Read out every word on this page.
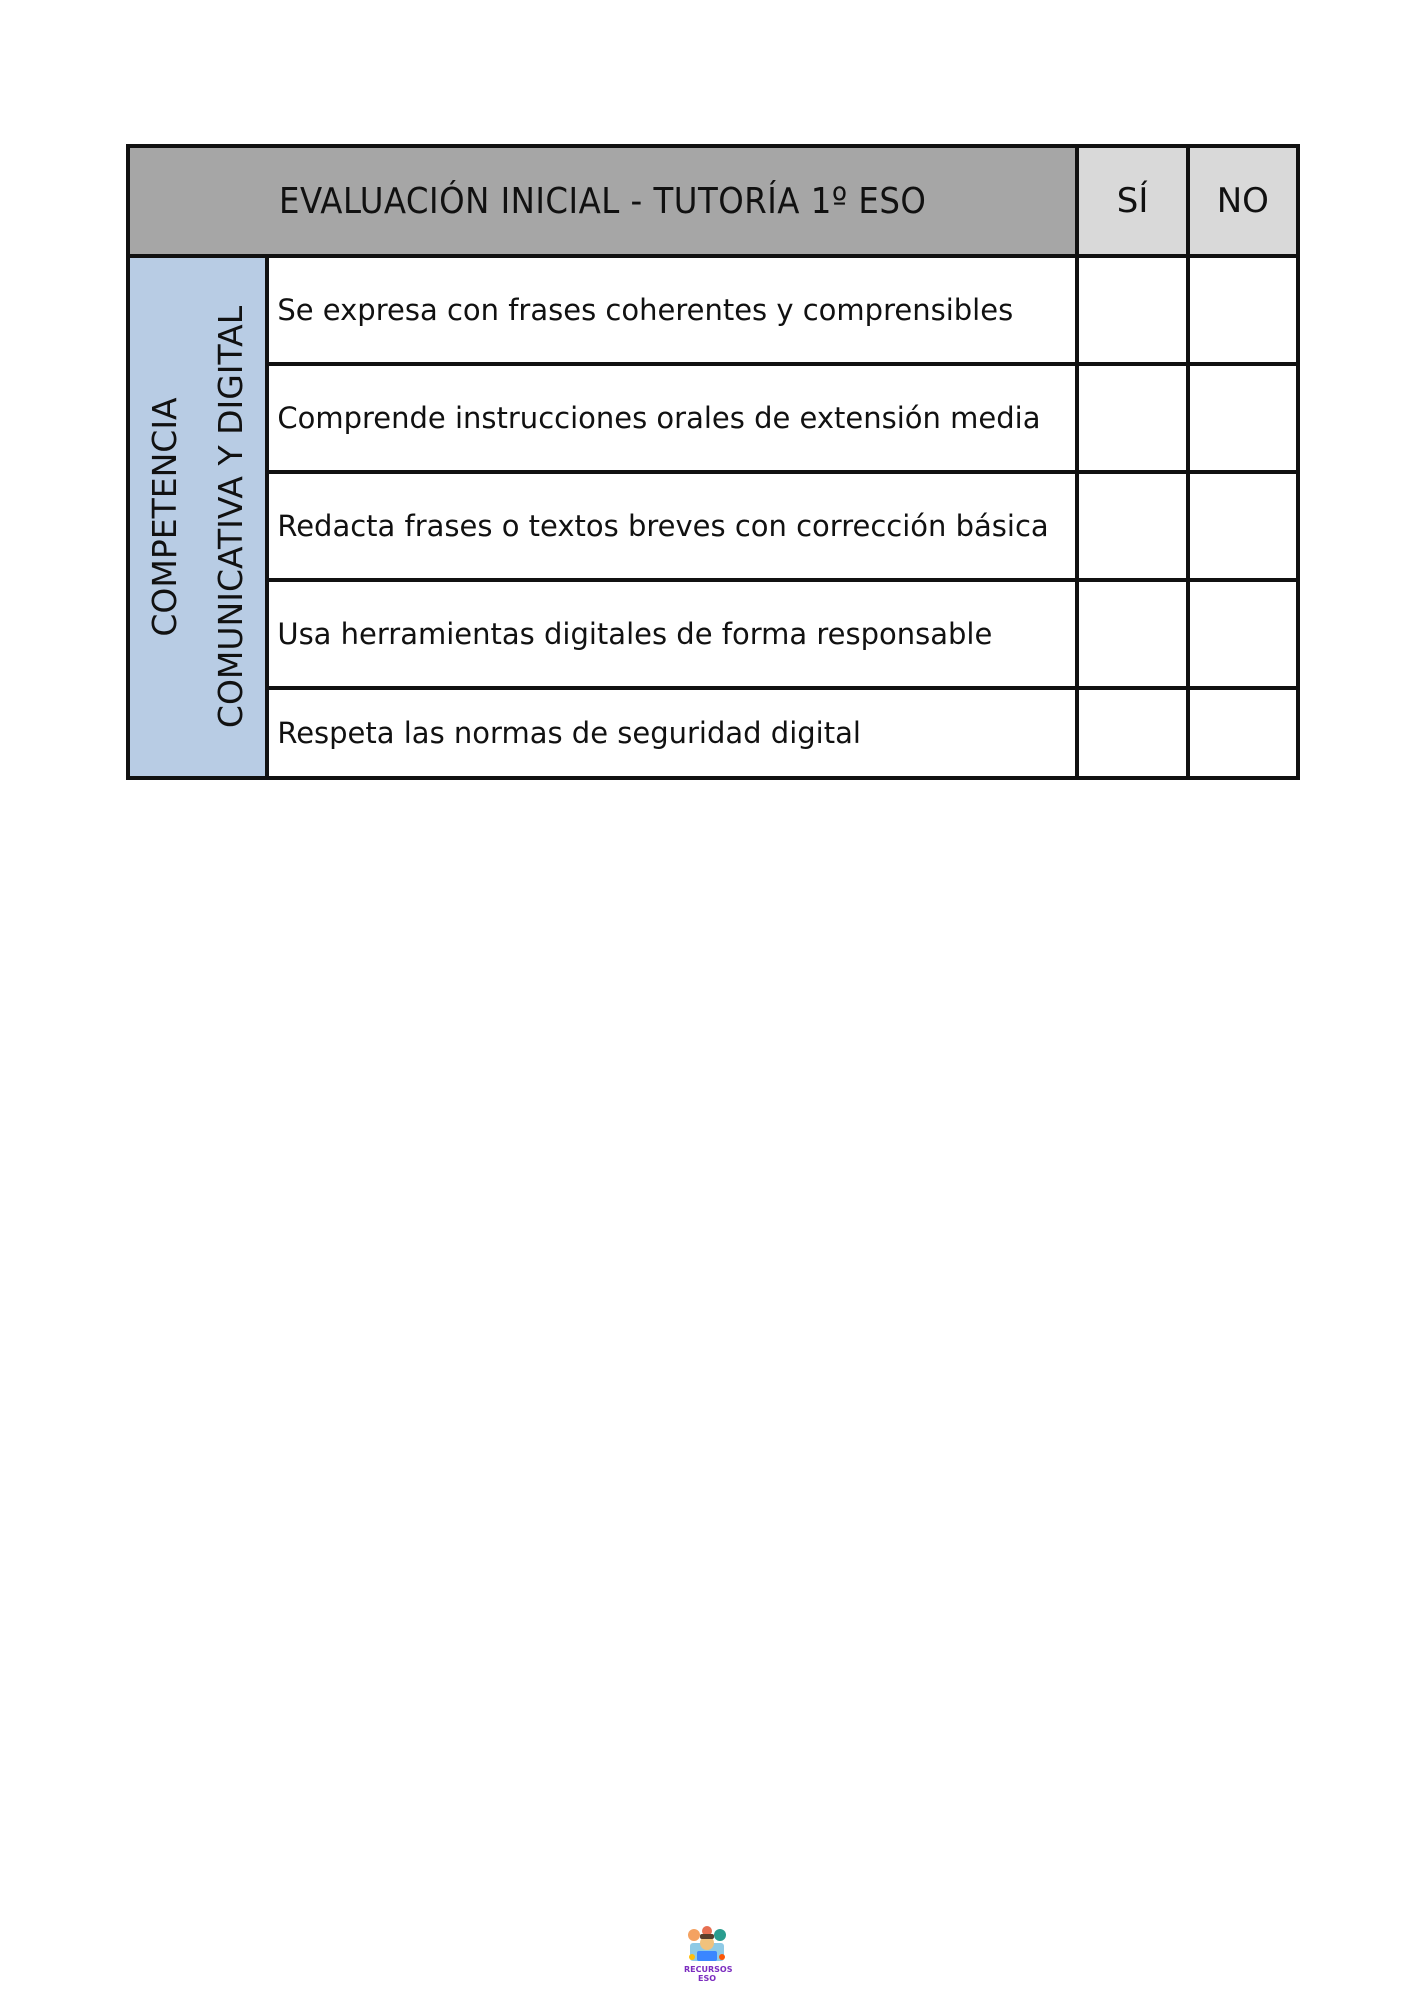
EVALUACIÓN INICIAL - TUTORÍA 1º ESO		SÍ	NO

COMPETENCIA COMUNICATIVA Y DIGITAL	Se expresa con frases coherentes y comprensibles		
	Comprende instrucciones orales de extensión media		
	Redacta frases o textos breves con corrección básica		
	Usa herramientas digitales de forma responsable		
	Respeta las normas de seguridad digital		
RECURSOS
ESO
